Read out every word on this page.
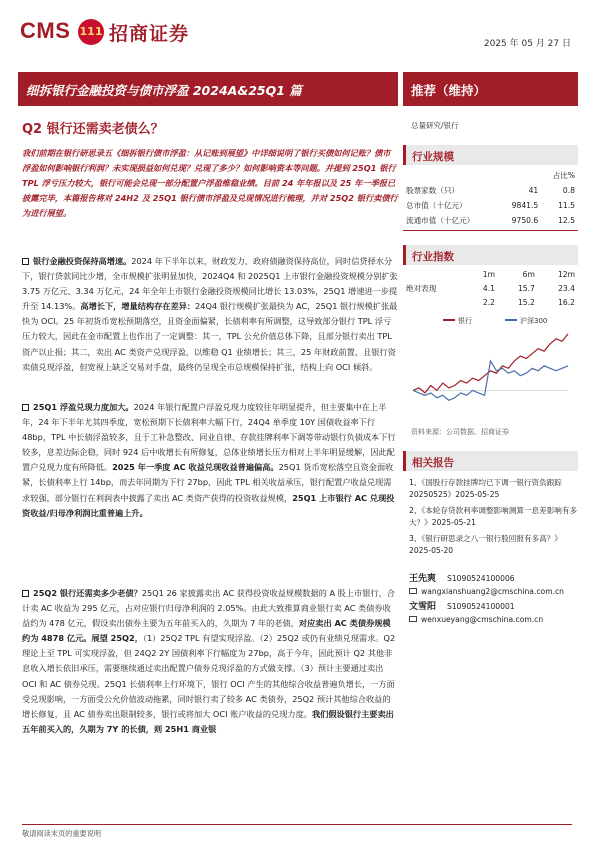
CMS 111 招商证券	2025 年 05 月 27 日
细拆银行金融投资与债市浮盈 2024A&25Q1 篇
Q2 银行还需卖老债么？
我们前期在银行研思录五《细拆银行债市浮盈：从记账到展望》中详细说明了银行买债如何记账？债市浮盈如何影响银行利润？未实现损益如何兑现？兑现了多少？如何影响资本等问题。并提到 25Q1 银行 TPL 浮亏压力较大，银行可能会兑现一部分配置户浮盈维稳业绩。目前 24 年年报以及 25 年一季报已披露完毕，本篇报告将对 24H2 及 25Q1 银行债市浮盈及兑现情况进行梳理，并对 25Q2 银行卖债行为进行展望。
银行金融投资保持高增速。2024 年下半年以来，财政发力，政府债融资保持高位，同时信贷择水分下，银行贷款同比少增，全市规模扩张明显加快，2024Q4 和 2025Q1 上市银行金融投资规模分别扩张 3.75 万亿元、3.34 万亿元，24 年全年上市银行金融投资规模同比增长 13.03%，25Q1 增速进一步提升至 14.13%。高增长下，增量结构存在差异：24Q4 银行规模扩张最快为 AC，25Q1 银行规模扩张最快为 OCI。25 年初货币宽松预期落空，且资金面偏紧，长债利率有所调整，这导致部分银行 TPL 浮亏压力较大，因此在金市配置上也作出了一定调整：其一，TPL 公允价值总体下降，且部分银行卖出 TPL 资产以止损；其二，卖出 AC 类资产兑现浮盈，以维稳 Q1 业绩增长；其三，25 年财政前置，且银行资卖债兑现浮盈，但宽视上缺乏交易对手盘，最终仍呈现全市总规模保持扩张，结构上向 OCI 倾斜。
25Q1 浮盈兑现力度加大。2024 年银行配置户浮盈兑现力度较往年明显提升，但主要集中在上半年，24 年下半年尤其四季度，宽松预期下长债利率大幅下行，24Q4 单季度 10Y 国债收益率下行 48bp，TPL 中长债浮盈较多，且于工补急整改、同业自律、存款挂牌利率下调等带动银行负债成本下行较多，息差边际企稳，同时 924 后中收增长有所修复，总体业绩增长压力相对上半年明显缓解，因此配置户兑现力度有所降低。2025 年一季度 AC 收益兑现收益普遍偏高。25Q1 货币宽松落空且资金面收紧，长债利率上行 14bp，而去年同期为下行 27bp，因此 TPL 相关收益承压，银行配置户收益兑现需求较强，部分银行在利润表中披露了卖出 AC 类资产获得的投资收益规模，25Q1 上市银行 AC 兑现投资收益/归母净利润比重普遍上升。
25Q2 银行还需卖多少老债？25Q1 26 家披露卖出 AC 获得投资收益规模数据的 A 股上市银行，合计卖 AC 收益为 295 亿元，占对应银行归母净利润的 2.05%。由此大致推算商业银行卖 AC 类债券收益约为 478 亿元，假设卖出债券主要为五年前买入的，久期为 7 年的老债，对应卖出 AC 类债券规模约为 4878 亿元。展望 25Q2，（1）25Q2 TPL 有望实现浮盈。（2）25Q2 或仍有业绩兑现需求。Q2 理论上至 TPL 可实现浮盈，但 24Q2 2Y 国债利率下行幅度为 27bp，高于今年，因此预计 Q2 其他非息收入增长依旧承压，需要继续通过卖出配置户债券兑现浮盈的方式做支撑。（3）预计主要通过卖出 OCI 和 AC 债券兑现。25Q1 长债利率上行环境下，银行 OCI 产生的其他综合收益普遍负增长，一方面受兑现影响，一方面受公允价值波动拖累，同时银行卖了较多 AC 类债券，25Q2 预计其他综合收益的增长修复，且 AC 债券卖出限制较多，银行或将加大 OCI 账户收益的兑现力度。我们假设银行主要卖出五年前买入的，久期为 7Y 的长债，则 25H1 商业银
推荐（维持）
总量研究/银行
行业规模
		占比%
股票家数（只）	41	0.8
总市值（十亿元）	9841.5	11.5
流通市值（十亿元）	9750.6	12.5
行业指数
	1m	6m	12m
绝对表现	4.1	15.7	23.4
	2.2	15.2	16.2
银行	沪深300
资料来源：公司数据、招商证券
相关报告
1、《国股行存款挂牌均已下调一银行资负跟踪 20250525》2025-05-25
2、《本轮存贷款利率调整影响测算一息差影响有多大？》2025-05-21
3、《银行研思录之八一银行股回报有多高？》2025-05-20
王先爽 S1090524100006
wangxianshuang2@cmschina.com.cn
文雪阳 S1090524100001
wenxueyang@cmschina.com.cn
敬请阅读末页的重要说明
